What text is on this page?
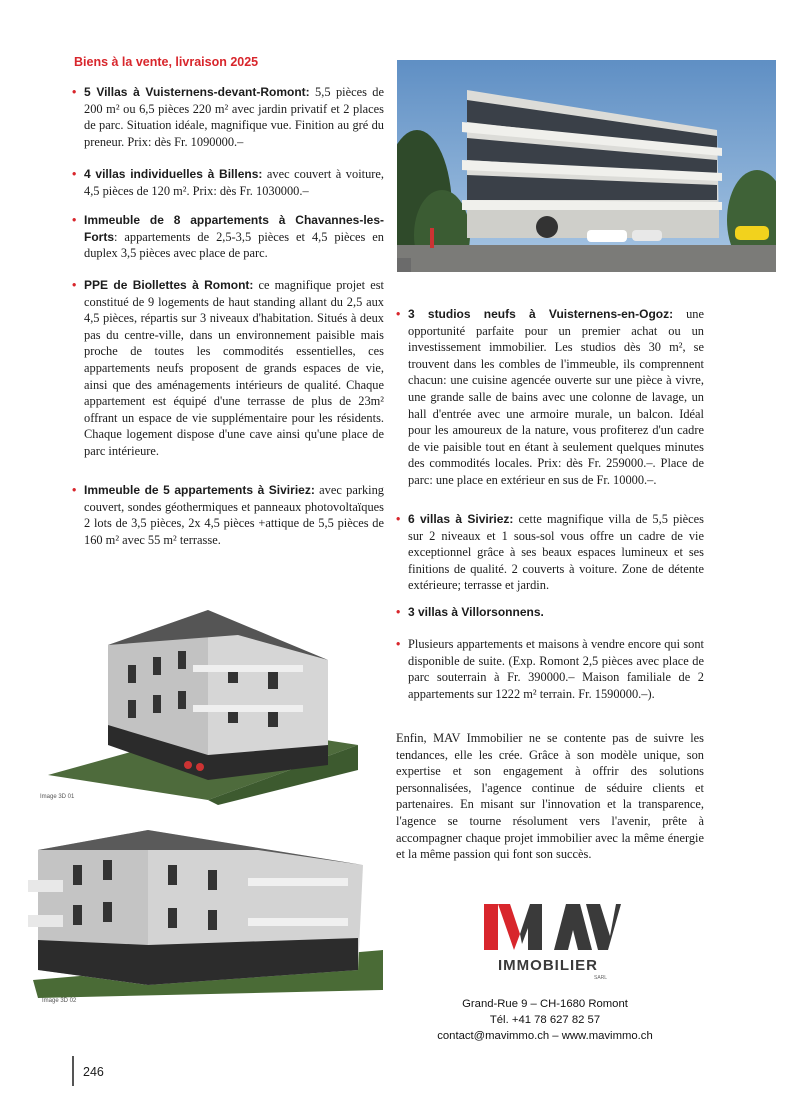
Biens à la vente, livraison 2025
• 5 Villas à Vuisternens-devant-Romont: 5,5 pièces de 200 m² ou 6,5 pièces 220 m² avec jardin privatif et 2 places de parc. Situation idéale, magnifique vue. Finition au gré du preneur. Prix: dès Fr. 1090000.–
• 4 villas individuelles à Billens: avec couvert à voiture, 4,5 pièces de 120 m². Prix: dès Fr. 1030000.–
• Immeuble de 8 appartements à Chavannes-les-Forts: appartements de 2,5-3,5 pièces et 4,5 pièces en duplex 3,5 pièces avec place de parc.
• PPE de Biollettes à Romont: ce magnifique projet est constitué de 9 logements de haut standing allant du 2,5 aux 4,5 pièces, répartis sur 3 niveaux d'habitation. Situés à deux pas du centre-ville, dans un environnement paisible mais proche de toutes les commodités essentielles, ces appartements neufs proposent de grands espaces de vie, ainsi que des aménagements intérieurs de qualité. Chaque appartement est équipé d'une terrasse de plus de 23m² offrant un espace de vie supplémentaire pour les résidents. Chaque logement dispose d'une cave ainsi qu'une place de parc intérieure.
• Immeuble de 5 appartements à Siviriez: avec parking couvert, sondes géothermiques et panneaux photovoltaïques 2 lots de 3,5 pièces, 2x 4,5 pièces +attique de 5,5 pièces de 160 m² avec 55 m² terrasse.
• 3 studios neufs à Vuisternens-en-Ogoz: une opportunité parfaite pour un premier achat ou un investissement immobilier. Les studios dès 30 m², se trouvent dans les combles de l'immeuble, ils comprennent chacun: une cuisine agencée ouverte sur une pièce à vivre, une grande salle de bains avec une colonne de lavage, un hall d'entrée avec une armoire murale, un balcon. Idéal pour les amoureux de la nature, vous profiterez d'un cadre de vie paisible tout en étant à seulement quelques minutes des commodités locales. Prix: dès Fr. 259000.–. Place de parc: une place en extérieur en sus de Fr. 10000.–.
• 6 villas à Siviriez: cette magnifique villa de 5,5 pièces sur 2 niveaux et 1 sous-sol vous offre un cadre de vie exceptionnel grâce à ses beaux espaces lumineux et ses finitions de qualité. 2 couverts à voiture. Zone de détente extérieure; terrasse et jardin.
• 3 villas à Villorsonnens.
• Plusieurs appartements et maisons à vendre encore qui sont disponible de suite. (Exp. Romont 2,5 pièces avec place de parc souterrain à Fr. 390000.– Maison familiale de 2 appartements sur 1222 m² terrain. Fr. 1590000.–).
Enfin, MAV Immobilier ne se contente pas de suivre les tendances, elle les crée. Grâce à son modèle unique, son expertise et son engagement à offrir des solutions personnalisées, l'agence continue de séduire clients et partenaires. En misant sur l'innovation et la transparence, l'agence se tourne résolument vers l'avenir, prête à accompagner chaque projet immobilier avec la même énergie et la même passion qui font son succès.
Image 3D 01
Image 3D 02
IMMOBILIER
SARL
Grand-Rue 9 – CH-1680 Romont
Tél. +41 78 627 82 57
contact@mavimmo.ch – www.mavimmo.ch
246
